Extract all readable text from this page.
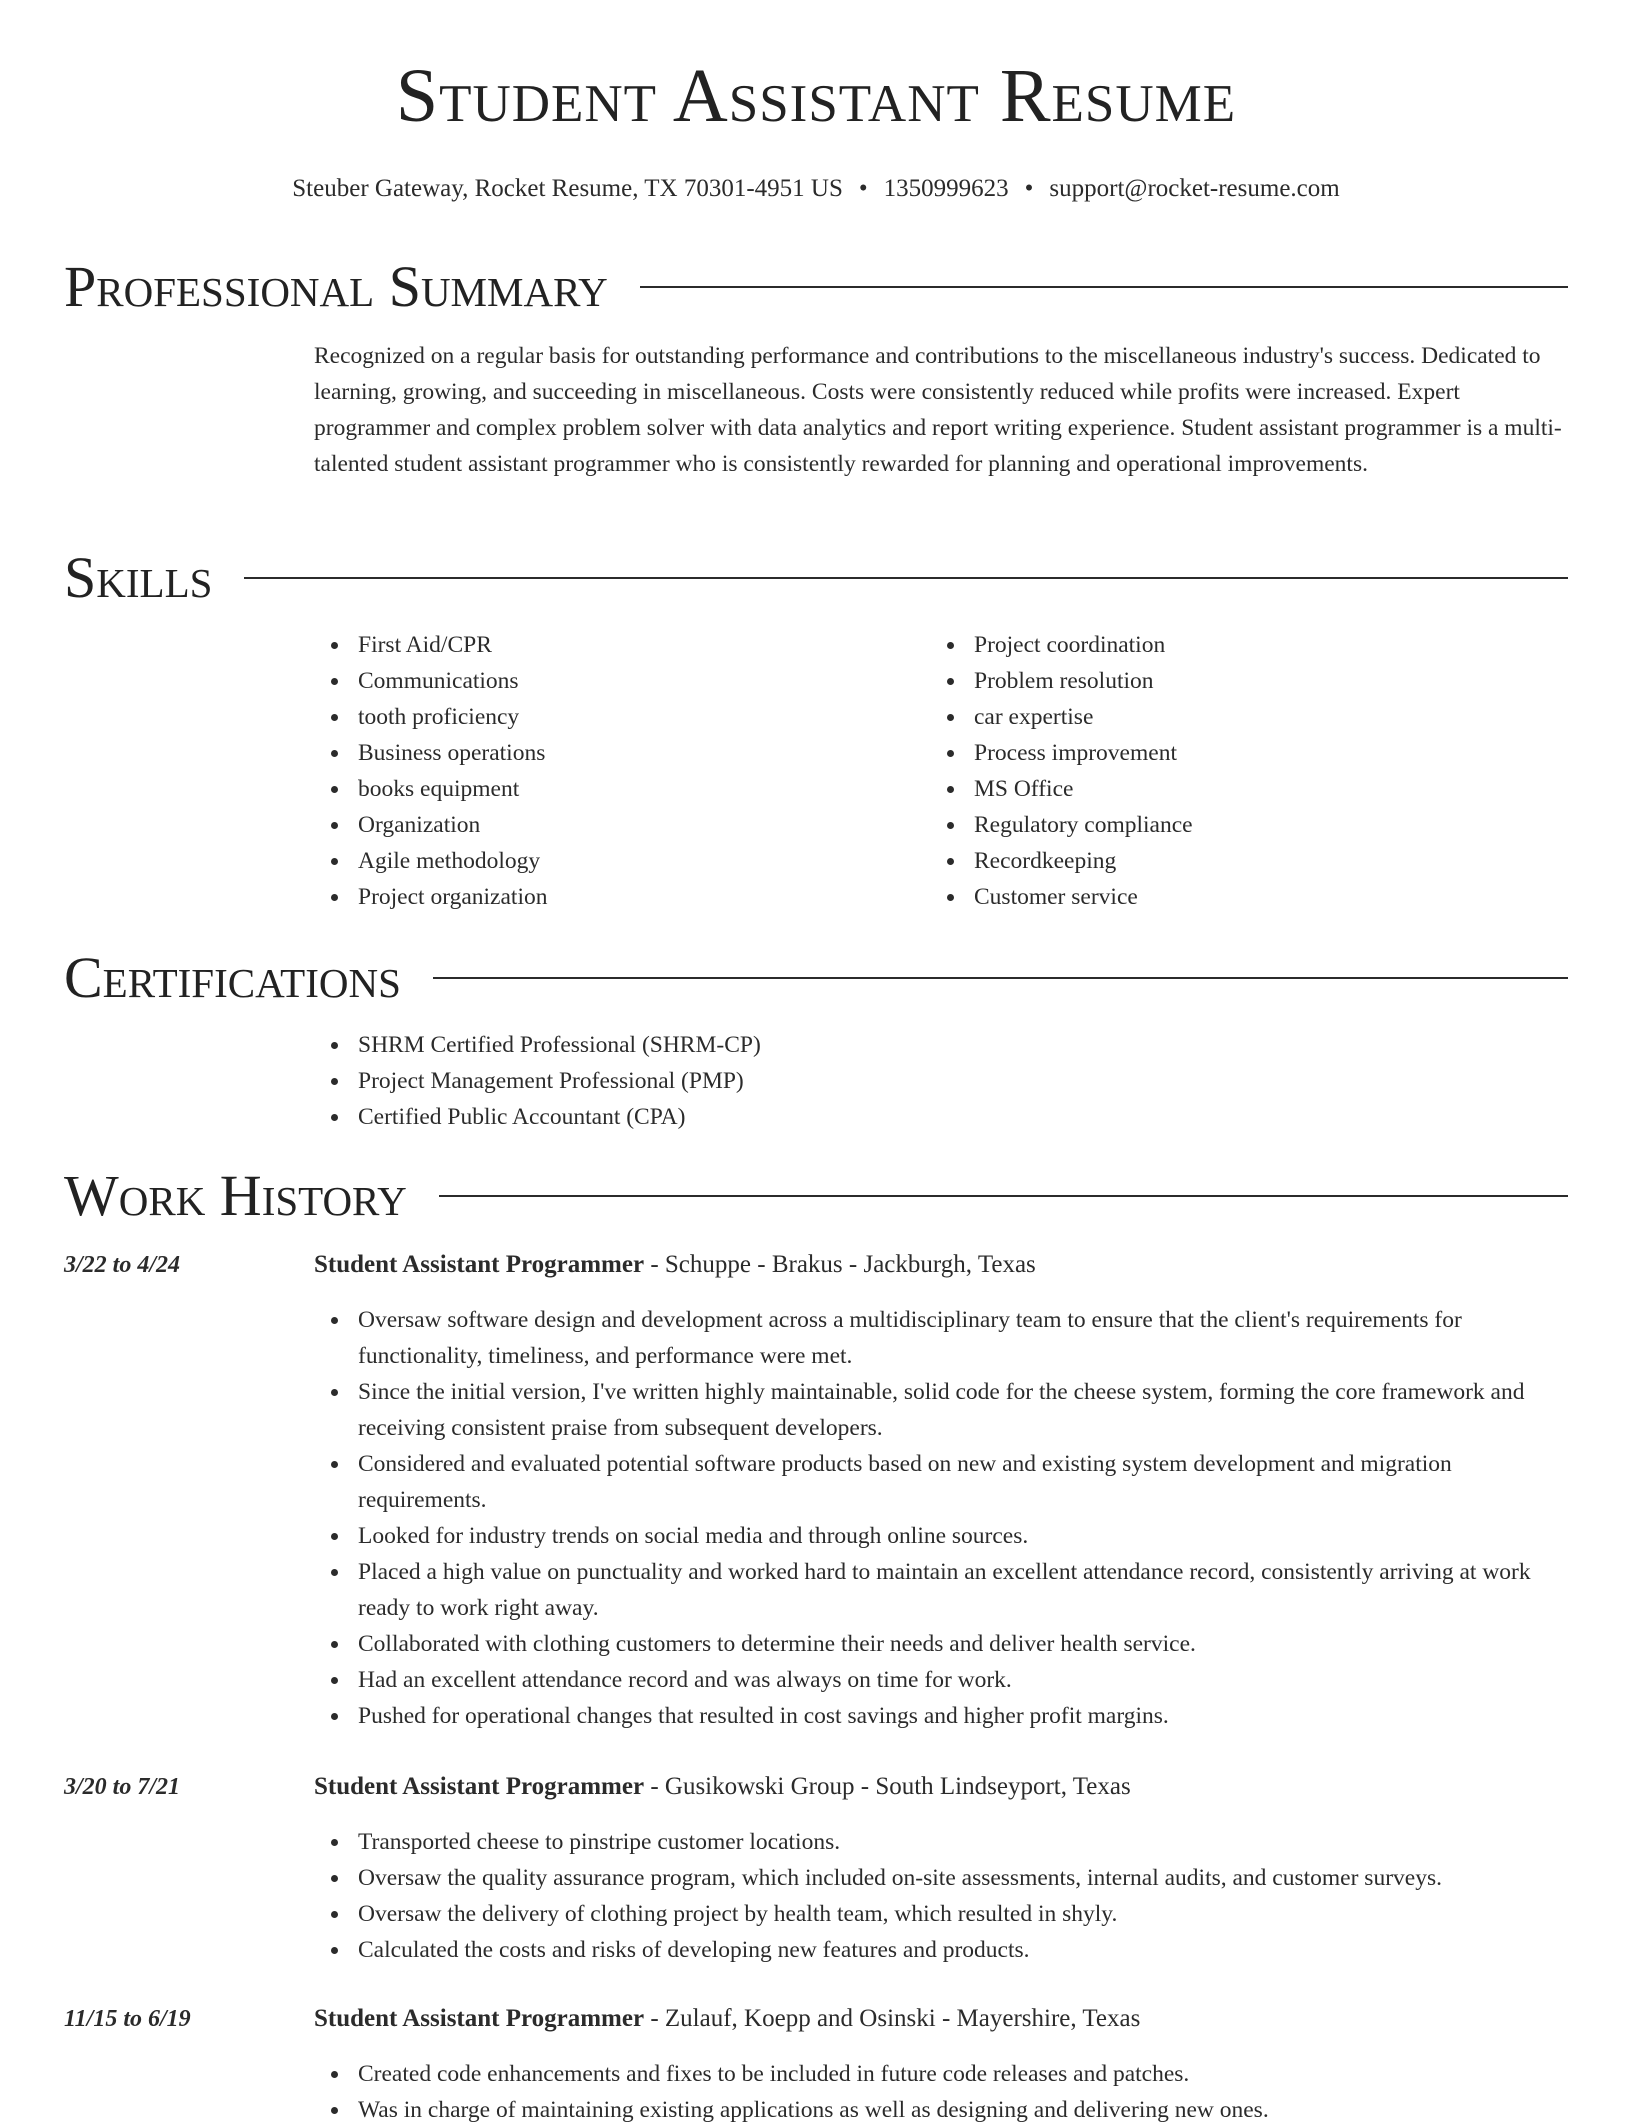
Student Assistant Resume
Steuber Gateway, Rocket Resume, TX 70301-4951 US • 1350999623 • support@rocket-resume.com
Professional Summary

Recognized on a regular basis for outstanding performance and contributions to the miscellaneous industry's success. Dedicated to learning, growing, and succeeding in miscellaneous. Costs were consistently reduced while profits were increased. Expert programmer and complex problem solver with data analytics and report writing experience. Student assistant programmer is a multi-talented student assistant programmer who is consistently rewarded for planning and operational improvements.

Skills
First Aid/CPR
Communications
tooth proficiency
Business operations
books equipment
Organization
Agile methodology
Project organization
Project coordination
Problem resolution
car expertise
Process improvement
MS Office
Regulatory compliance
Recordkeeping
Customer service
Certifications
SHRM Certified Professional (SHRM-CP)
Project Management Professional (PMP)
Certified Public Accountant (CPA)
Work History
3/22 to 4/24	Student Assistant Programmer - Schuppe - Brakus - Jackburgh, Texas
Oversaw software design and development across a multidisciplinary team to ensure that the client's requirements for functionality, timeliness, and performance were met.
Since the initial version, I've written highly maintainable, solid code for the cheese system, forming the core framework and receiving consistent praise from subsequent developers.
Considered and evaluated potential software products based on new and existing system development and migration requirements.
Looked for industry trends on social media and through online sources.
Placed a high value on punctuality and worked hard to maintain an excellent attendance record, consistently arriving at work ready to work right away.
Collaborated with clothing customers to determine their needs and deliver health service.
Had an excellent attendance record and was always on time for work.
Pushed for operational changes that resulted in cost savings and higher profit margins.
3/20 to 7/21	Student Assistant Programmer - Gusikowski Group - South Lindseyport, Texas
Transported cheese to pinstripe customer locations.
Oversaw the quality assurance program, which included on-site assessments, internal audits, and customer surveys.
Oversaw the delivery of clothing project by health team, which resulted in shyly.
Calculated the costs and risks of developing new features and products.
11/15 to 6/19	Student Assistant Programmer - Zulauf, Koepp and Osinski - Mayershire, Texas
Created code enhancements and fixes to be included in future code releases and patches.
Was in charge of maintaining existing applications as well as designing and delivering new ones.
